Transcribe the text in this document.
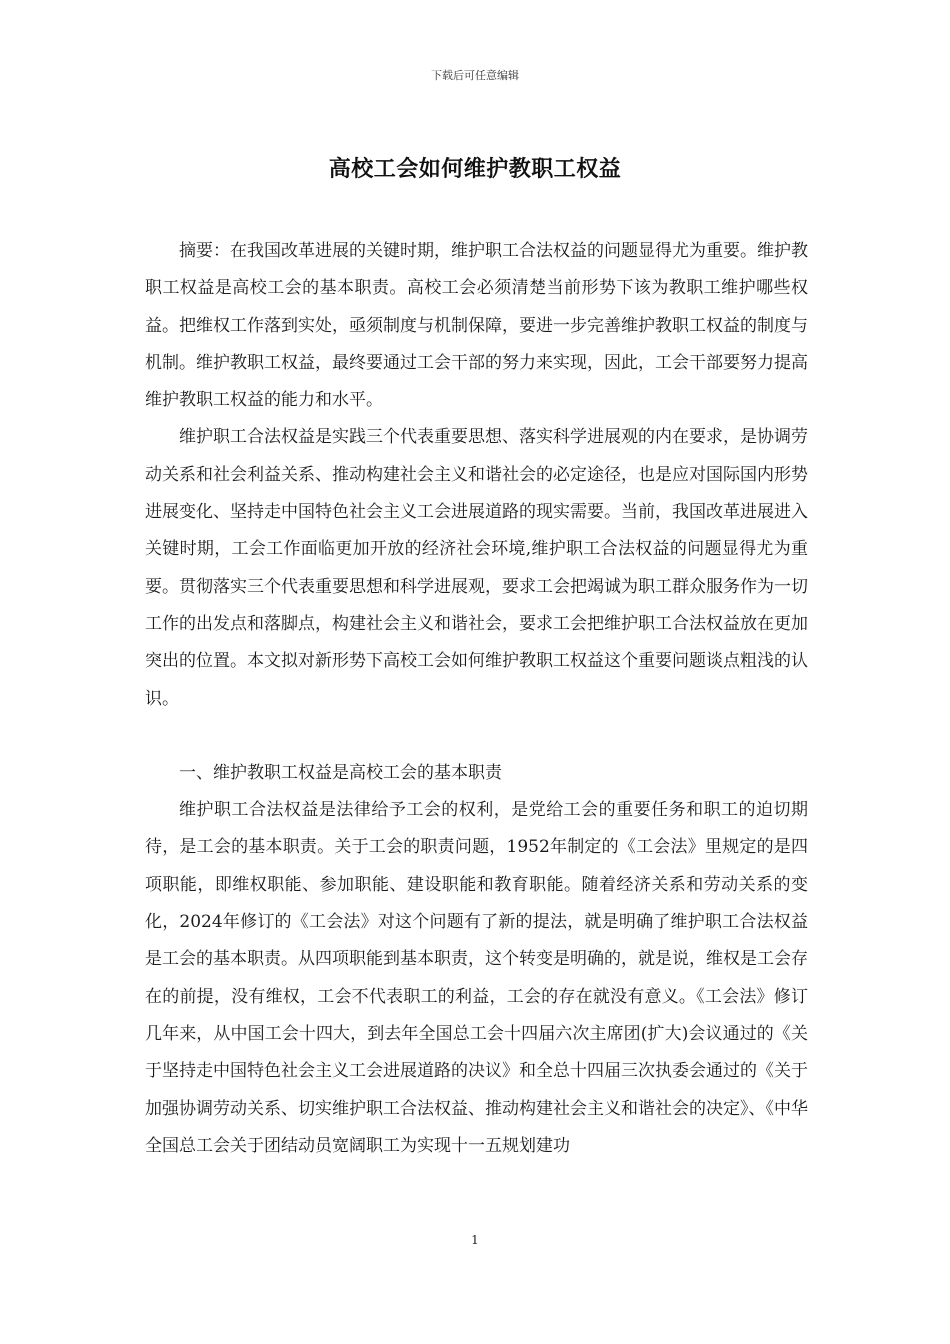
下载后可任意编辑
高校工会如何维护教职工权益

摘要：在我国改革进展的关键时期，维护职工合法权益的问题显得尤为重要。维护教职工权益是高校工会的基本职责。高校工会必须清楚当前形势下该为教职工维护哪些权益。把维权工作落到实处，亟须制度与机制保障，要进一步完善维护教职工权益的制度与机制。维护教职工权益，最终要通过工会干部的努力来实现，因此，工会干部要努力提高维护教职工权益的能力和水平。

维护职工合法权益是实践三个代表重要思想、落实科学进展观的内在要求，是协调劳动关系和社会利益关系、推动构建社会主义和谐社会的必定途径，也是应对国际国内形势进展变化、坚持走中国特色社会主义工会进展道路的现实需要。当前，我国改革进展进入关键时期，工会工作面临更加开放的经济社会环境,维护职工合法权益的问题显得尤为重要。贯彻落实三个代表重要思想和科学进展观，要求工会把竭诚为职工群众服务作为一切工作的出发点和落脚点，构建社会主义和谐社会，要求工会把维护职工合法权益放在更加突出的位置。本文拟对新形势下高校工会如何维护教职工权益这个重要问题谈点粗浅的认识。

一、维护教职工权益是高校工会的基本职责

维护职工合法权益是法律给予工会的权利，是党给工会的重要任务和职工的迫切期待，是工会的基本职责。关于工会的职责问题，1952年制定的《工会法》里规定的是四项职能，即维权职能、参加职能、建设职能和教育职能。随着经济关系和劳动关系的变化，2024年修订的《工会法》对这个问题有了新的提法，就是明确了维护职工合法权益是工会的基本职责。从四项职能到基本职责，这个转变是明确的，就是说，维权是工会存在的前提，没有维权，工会不代表职工的利益，工会的存在就没有意义。《工会法》修订几年来，从中国工会十四大，到去年全国总工会十四届六次主席团(扩大)会议通过的《关于坚持走中国特色社会主义工会进展道路的决议》和全总十四届三次执委会通过的《关于加强协调劳动关系、切实维护职工合法权益、推动构建社会主义和谐社会的决定》、《中华全国总工会关于团结动员宽阔职工为实现十一五规划建功

1
